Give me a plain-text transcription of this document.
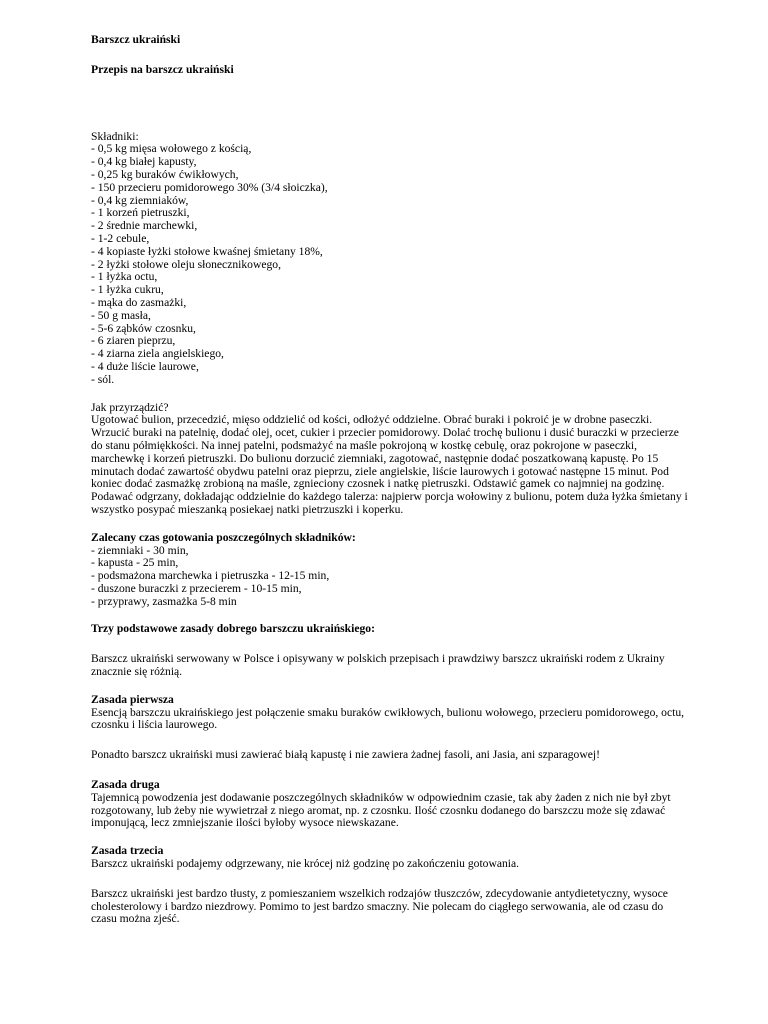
Barszcz ukraiński
Przepis na barszcz ukraiński

Składniki:

- 0,5 kg mięsa wołowego z kością,
- 0,4 kg białej kapusty,
- 0,25 kg buraków ćwikłowych,
- 150 przecieru pomidorowego 30% (3/4 słoiczka),
- 0,4 kg ziemniaków,
- 1 korzeń pietruszki,
- 2 średnie marchewki,
- 1-2 cebule,
- 4 kopiaste łyżki stołowe kwaśnej śmietany 18%,
- 2 łyżki stołowe oleju słonecznikowego,
- 1 łyżka octu,
- 1 łyżka cukru,
- mąka do zasmażki,
- 50 g masła,
- 5-6 ząbków czosnku,
- 6 ziaren pieprzu,
- 4 ziarna ziela angielskiego,
- 4 duże liście laurowe,
- sól.

Jak przyrządzić?

Ugotować bulion, przecedzić, mięso oddzielić od kości, odłożyć oddzielne. Obrać buraki i pokroić je w drobne paseczki. Wrzucić buraki na patelnię, dodać olej, ocet, cukier i przecier pomidorowy. Dolać trochę bulionu i dusić buraczki w przecierze do stanu półmiękkości. Na innej patelni, podsmażyć na maśle pokrojoną w kostkę cebulę, oraz pokrojone w paseczki, marchewkę i korzeń pietruszki. Do bulionu dorzucić ziemniaki, zagotować, następnie dodać poszatkowaną kapustę. Po 15 minutach dodać zawartość obydwu patelni oraz pieprzu, ziele angielskie, liście laurowych i gotować następne 15 minut. Pod koniec dodać zasmażkę zrobioną na maśle, zgnieciony czosnek i natkę pietruszki. Odstawić gamek co najmniej na godzinę. Podawać odgrzany, dokładając oddzielnie do każdego talerza: najpierw porcja wołowiny z bulionu, potem duża łyżka śmietany i wszystko posypać mieszanką posiekaej natki pietrzuszki i koperku.

Zalecany czas gotowania poszczególnych składników:
- ziemniaki - 30 min,
- kapusta - 25 min,
- podsmażona marchewka i pietruszka - 12-15 min,
- duszone buraczki z przecierem - 10-15 min,
- przyprawy, zasmażka 5-8 min
Trzy podstawowe zasady dobrego barszczu ukraińskiego:

Barszcz ukraiński serwowany w Polsce i opisywany w polskich przepisach i prawdziwy barszcz ukraiński rodem z Ukrainy znacznie się różnią.

Zasada pierwsza

Esencją barszczu ukraińskiego jest połączenie smaku buraków cwikłowych, bulionu wołowego, przecieru pomidorowego, octu, czosnku i liścia laurowego.

Ponadto barszcz ukraiński musi zawierać białą kapustę i nie zawiera żadnej fasoli, ani Jasia, ani szparagowej!

Zasada druga

Tajemnicą powodzenia jest dodawanie poszczególnych składników w odpowiednim czasie, tak aby żaden z nich nie był zbyt rozgotowany, lub żeby nie wywietrzał z niego aromat, np. z czosnku. Ilość czosnku dodanego do barszczu może się zdawać imponującą, lecz zmniejszanie ilości byłoby wysoce niewskazane.

Zasada trzecia

Barszcz ukraiński podajemy odgrzewany, nie krócej niż godzinę po zakończeniu gotowania.

Barszcz ukraiński jest bardzo tłusty, z pomieszaniem wszelkich rodzajów tłuszczów, zdecydowanie antydietetyczny, wysoce cholesterolowy i bardzo niezdrowy. Pomimo to jest bardzo smaczny. Nie polecam do ciągłego serwowania, ale od czasu do czasu można zjeść.
